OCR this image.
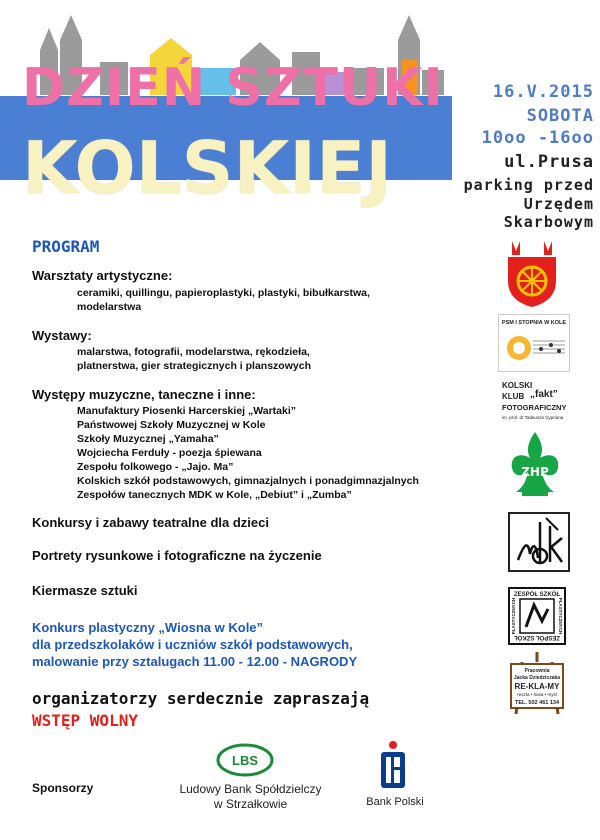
DZIEŃ SZTUKI
KOLSKIEJ
16.V.2015
SOBOTA
10oo -16oo
ul.Prusa
parking przed
Urzędem
Skarbowym
PROGRAM
Warsztaty artystyczne:
ceramiki, quillingu, papieroplastyki, plastyki, bibułkarstwa,
modelarstwa
Wystawy:
malarstwa, fotografii, modelarstwa, rękodzieła,
platnerstwa, gier strategicznych i planszowych
Występy muzyczne, taneczne i inne:
Manufaktury Piosenki Harcerskiej „Wartaki”
Państwowej Szkoły Muzycznej w Kole
Szkoły Muzycznej „Yamaha”
Wojciecha Ferduły - poezja śpiewana
Zespołu folkowego - „Jajo. Ma”
Kolskich szkół podstawowych, gimnazjalnych i ponadgimnazjalnych
Zespołów tanecznych MDK w Kole, „Debiut” i „Zumba”
Konkursy i zabawy teatralne dla dzieci
Portrety rysunkowe i fotograficzne na życzenie
Kiermasze sztuki
Konkurs plastyczny „Wiosna w Kole”
dla przedszkolaków i uczniów szkół podstawowych,
malowanie przy sztalugach 11.00 - 12.00 - NAGRODY
organizatorzy serdecznie zapraszają
WSTĘP WOLNY
Sponsorzy
LBS
Ludowy Bank Spółdzielczy
w Strzałkowie	Bank Polski
PSM I STOPNIA W KOLE
KOLSKI
KLUB „fakt”
FOTOGRAFICZNY
im. prof. dr Tadeusza Cypriana
ZHP
ZESPÓŁ SZKÓŁ
ZESPÓŁ SZKÓŁ
PLASTYCZNYCH	PLASTYCZNYCH
Pracownia
Jacka Dziedziczaka
RE-KLA-MY
reszta • hasa • myśl
TEL. 502 461 134
